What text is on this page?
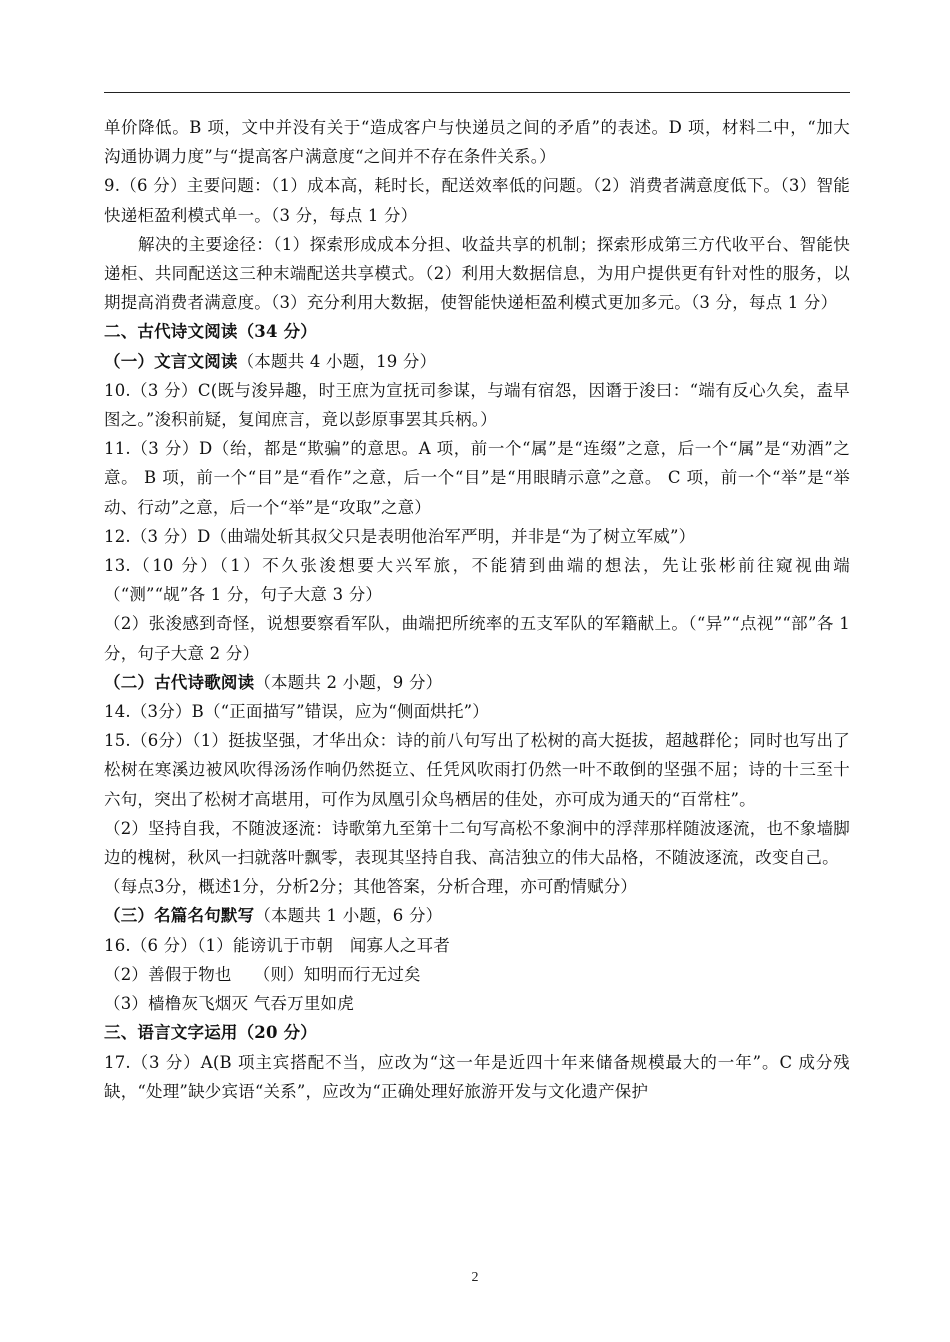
单价降低。B 项，文中并没有关于“造成客户与快递员之间的矛盾”的表述。D 项，材料二中，“加大沟通协调力度”与“提高客户满意度“之间并不存在条件关系。）

9.（6 分）主要问题：（1）成本高，耗时长，配送效率低的问题。（2）消费者满意度低下。（3）智能快递柜盈利模式单一。（3 分，每点 1 分）

解决的主要途径：（1）探索形成成本分担、收益共享的机制；探索形成第三方代收平台、智能快递柜、共同配送这三种末端配送共享模式。（2）利用大数据信息，为用户提供更有针对性的服务，以期提高消费者满意度。（3）充分利用大数据，使智能快递柜盈利模式更加多元。（3 分，每点 1 分）

二、古代诗文阅读（34 分）

（一）文言文阅读（本题共 4 小题，19 分）

10.（3 分）C(既与浚异趣，时王庶为宣抚司参谋，与端有宿怨，因谮于浚曰：“端有反心久矣，盍早图之。”浚积前疑，复闻庶言，竟以彭原事罢其兵柄。）

11.（3 分）D（绐，都是“欺骗”的意思。A 项，前一个“属”是“连缀”之意，后一个“属”是“劝酒”之意。 B 项，前一个“目”是“看作”之意，后一个“目”是“用眼睛示意”之意。 C 项，前一个“举”是“举动、行动”之意，后一个“举”是“攻取”之意）

12.（3 分）D（曲端处斩其叔父只是表明他治军严明，并非是“为了树立军威”）

13.（10 分）（1）不久张浚想要大兴军旅，不能猜到曲端的想法，先让张彬前往窥视曲端（“测”“觇”各 1 分，句子大意 3 分）

（2）张浚感到奇怪，说想要察看军队，曲端把所统率的五支军队的军籍献上。（“异”“点视”“部”各 1 分，句子大意 2 分）

（二）古代诗歌阅读（本题共 2 小题，9 分）

14.（3分）B（“正面描写”错误，应为“侧面烘托”）

15.（6分）（1）挺拔坚强，才华出众：诗的前八句写出了松树的高大挺拔，超越群伦；同时也写出了松树在寒溪边被风吹得汤汤作响仍然挺立、任凭风吹雨打仍然一叶不敢倒的坚强不屈；诗的十三至十六句，突出了松树才高堪用，可作为凤凰引众鸟栖居的佳处，亦可成为通天的“百常柱”。

（2）坚持自我，不随波逐流：诗歌第九至第十二句写高松不象涧中的浮萍那样随波逐流，也不象墙脚边的槐树，秋风一扫就落叶飘零，表现其坚持自我、高洁独立的伟大品格，不随波逐流，改变自己。

（每点3分，概述1分，分析2分；其他答案，分析合理，亦可酌情赋分）

（三）名篇名句默写（本题共 1 小题，6 分）

16.（6 分）（1）能谤讥于市朝　闻寡人之耳者

（2）善假于物也　 （则）知明而行无过矣

（3）樯橹灰飞烟灭 气吞万里如虎

三、语言文字运用（20 分）

17.（3 分）A(B 项主宾搭配不当，应改为“这一年是近四十年来储备规模最大的一年”。C 成分残缺，“处理”缺少宾语“关系”，应改为“正确处理好旅游开发与文化遗产保护

2
